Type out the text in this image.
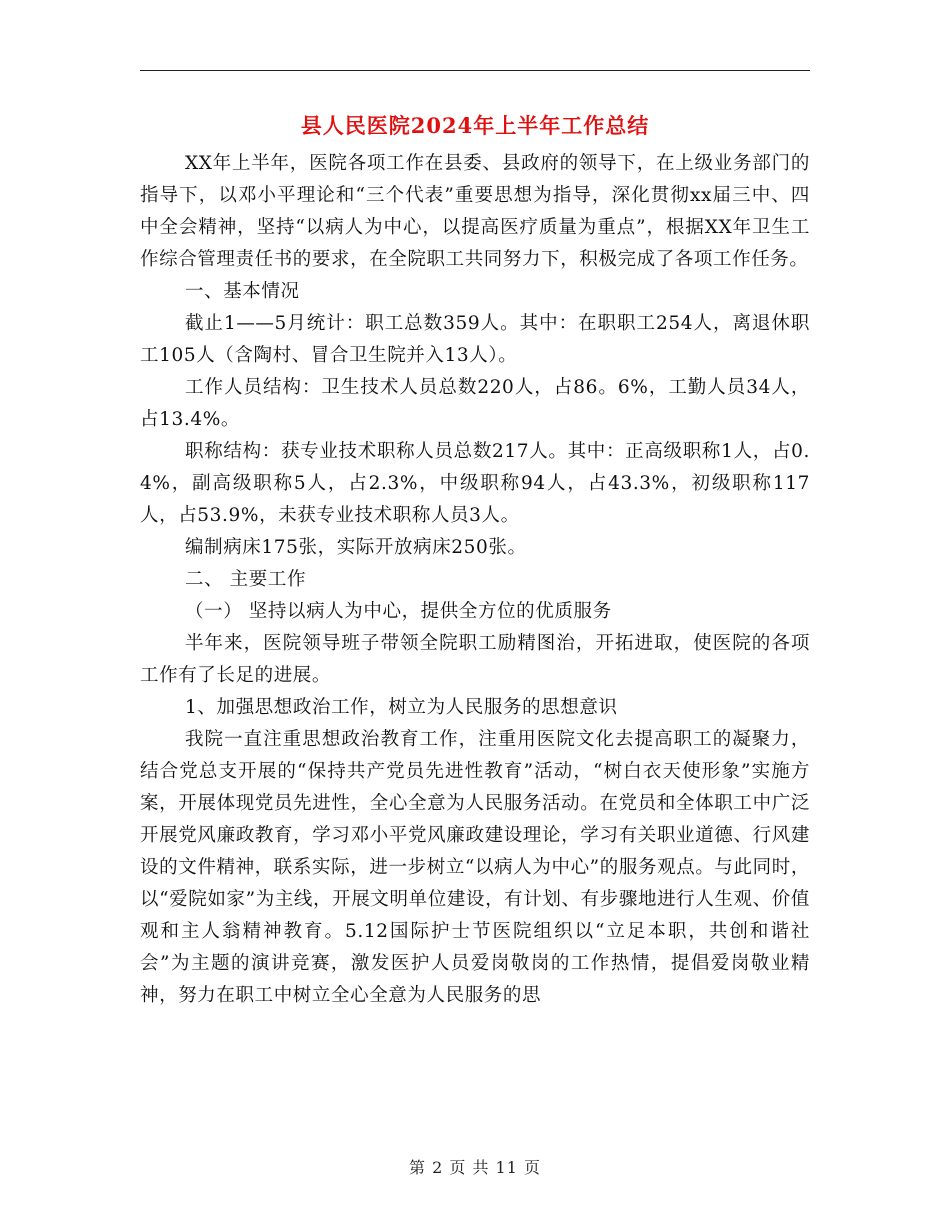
县人民医院2024年上半年工作总结

XX年上半年，医院各项工作在县委、县政府的领导下，在上级业务部门的指导下，以邓小平理论和“三个代表”重要思想为指导，深化贯彻xx届三中、四中全会精神，坚持“以病人为中心，以提高医疗质量为重点”，根据XX年卫生工作综合管理责任书的要求，在全院职工共同努力下，积极完成了各项工作任务。

一、基本情况

截止1——5月统计：职工总数359人。其中：在职职工254人，离退休职工105人（含陶村、冒合卫生院并入13人）。

工作人员结构：卫生技术人员总数220人，占86。6%，工勤人员34人，占13.4%。

职称结构：获专业技术职称人员总数217人。其中：正高级职称1人，占0.4%，副高级职称5人，占2.3%，中级职称94人，占43.3%，初级职称117人，占53.9%，未获专业技术职称人员3人。

编制病床175张，实际开放病床250张。

二、 主要工作

（一） 坚持以病人为中心，提供全方位的优质服务

半年来，医院领导班子带领全院职工励精图治，开拓进取，使医院的各项工作有了长足的进展。

1、加强思想政治工作，树立为人民服务的思想意识

我院一直注重思想政治教育工作，注重用医院文化去提高职工的凝聚力，结合党总支开展的“保持共产党员先进性教育”活动，“树白衣天使形象”实施方案，开展体现党员先进性，全心全意为人民服务活动。在党员和全体职工中广泛开展党风廉政教育，学习邓小平党风廉政建设理论，学习有关职业道德、行风建设的文件精神，联系实际，进一步树立“以病人为中心”的服务观点。与此同时，以“爱院如家”为主线，开展文明单位建设，有计划、有步骤地进行人生观、价值观和主人翁精神教育。5.12国际护士节医院组织以“立足本职，共创和谐社会”为主题的演讲竞赛，激发医护人员爱岗敬岗的工作热情，提倡爱岗敬业精神，努力在职工中树立全心全意为人民服务的思

第 2 页 共 11 页
